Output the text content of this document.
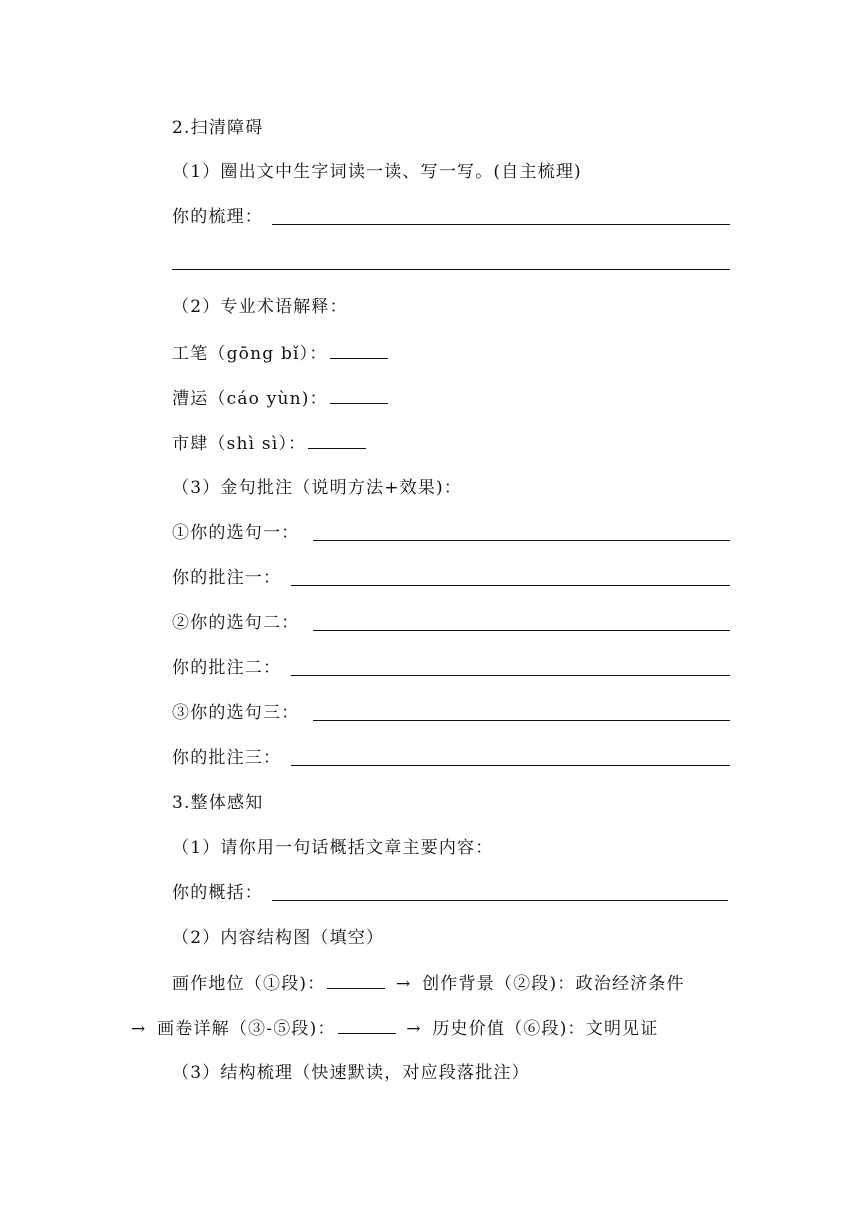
2.扫清障碍
（1）圈出文中生字词读一读、写一写。(自主梳理)
你的梳理：
（2）专业术语解释：
工笔（gōng bǐ）：
漕运（cáo yùn)：
市肆（shì sì）：
（3）金句批注（说明方法+效果)：
①你的选句一：
你的批注一：
②你的选句二：
你的批注二：
③你的选句三：
你的批注三：
3.整体感知
（1）请你用一句话概括文章主要内容：
你的概括：
（2）内容结构图（填空）
画作地位（①段)：	→ 创作背景（②段)：政治经济条件
→ 画卷详解（③-⑤段)：	→ 历史价值（⑥段)：文明见证
（3）结构梳理（快速默读，对应段落批注）
